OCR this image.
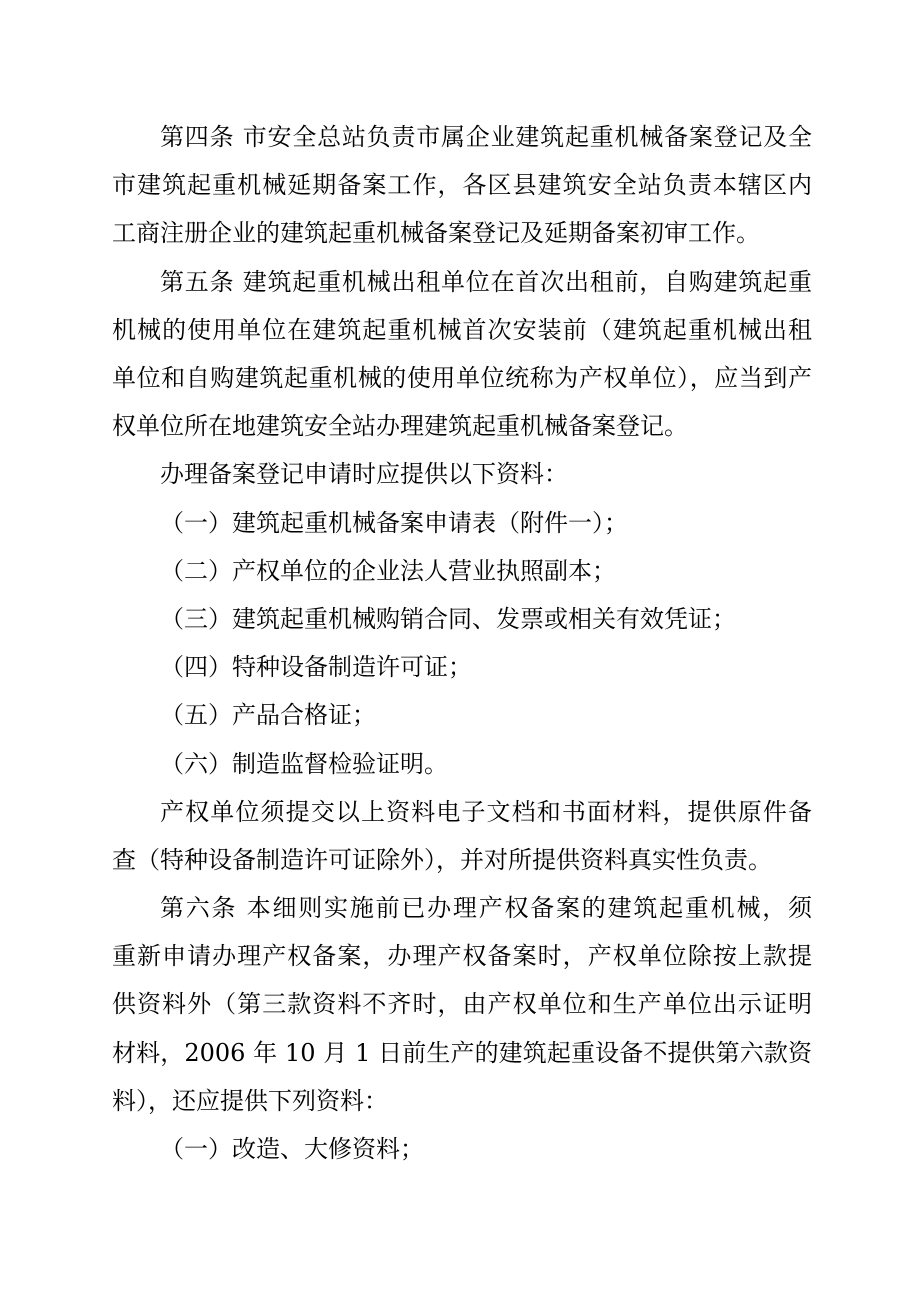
第四条 市安全总站负责市属企业建筑起重机械备案登记及全
市建筑起重机械延期备案工作，各区县建筑安全站负责本辖区内
工商注册企业的建筑起重机械备案登记及延期备案初审工作。
第五条 建筑起重机械出租单位在首次出租前，自购建筑起重
机械的使用单位在建筑起重机械首次安装前（建筑起重机械出租
单位和自购建筑起重机械的使用单位统称为产权单位），应当到产
权单位所在地建筑安全站办理建筑起重机械备案登记。
办理备案登记申请时应提供以下资料：
（一）建筑起重机械备案申请表（附件一）；
（二）产权单位的企业法人营业执照副本；
（三）建筑起重机械购销合同、发票或相关有效凭证；
（四）特种设备制造许可证；
（五）产品合格证；
（六）制造监督检验证明。
产权单位须提交以上资料电子文档和书面材料，提供原件备
查（特种设备制造许可证除外），并对所提供资料真实性负责。
第六条 本细则实施前已办理产权备案的建筑起重机械，须
重新申请办理产权备案，办理产权备案时，产权单位除按上款提
供资料外（第三款资料不齐时，由产权单位和生产单位出示证明
材料，2006 年 10 月 1 日前生产的建筑起重设备不提供第六款资
料），还应提供下列资料：
（一）改造、大修资料；
